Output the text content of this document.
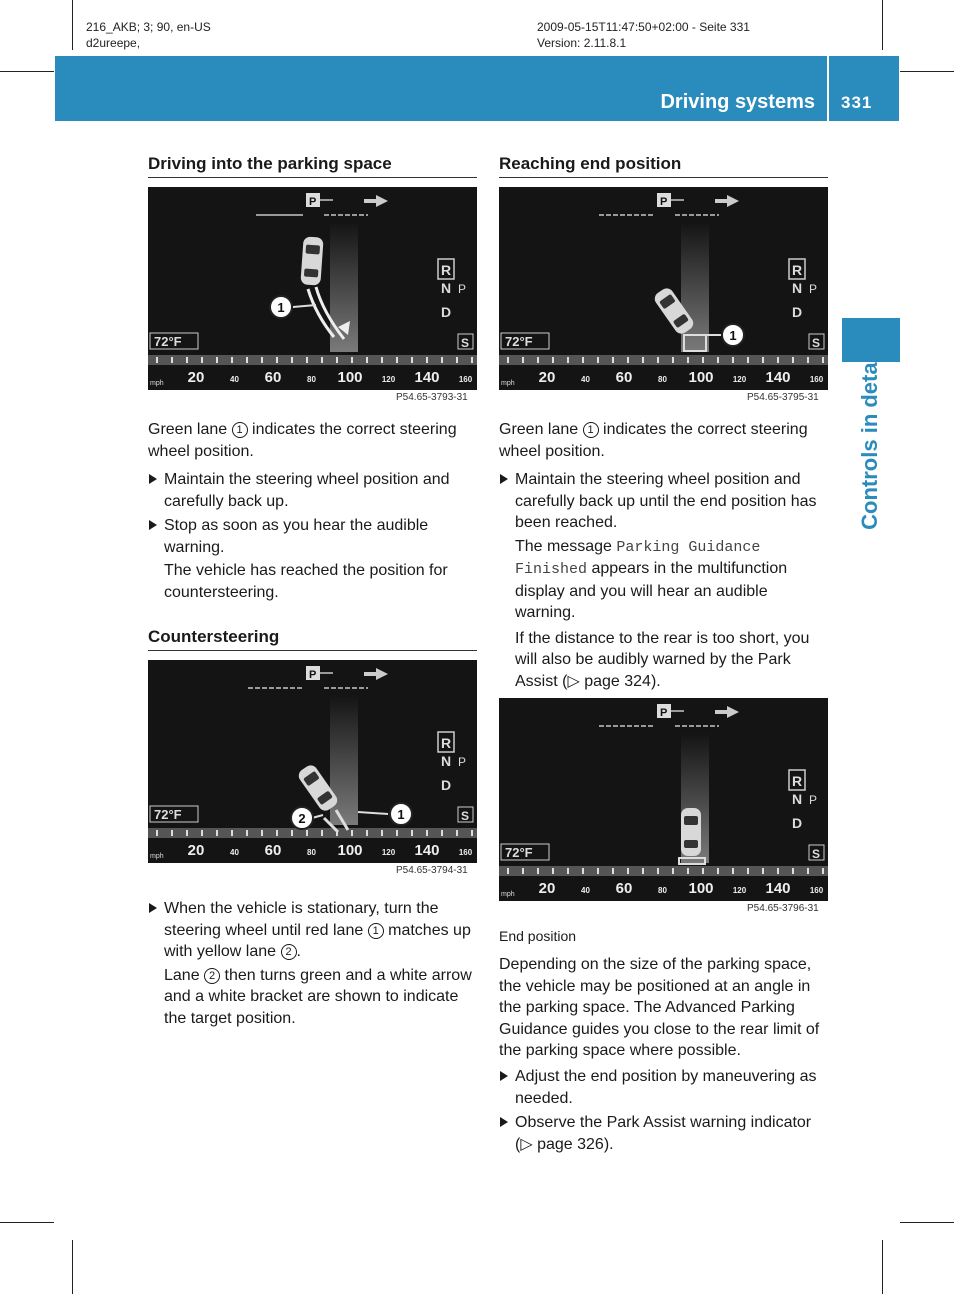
216_AKB; 3; 90, en-US
d2ureepe,
2009-05-15T11:47:50+02:00 - Seite 331
Version: 2.11.8.1
Driving systems 331
Controls in detail
Driving into the parking space
P
R
N P
D
72°F	S
mph 20	40 60	80 100 120 140 160
1
P54.65-3793-31
Green lane 1 indicates the correct steering wheel position.
Maintain the steering wheel position and carefully back up.
Stop as soon as you hear the audible warning.
The vehicle has reached the position for countersteering.
Countersteering
P
R
N P
D
72°F	S
mph 20	40 60	80 100 120 140 160
1
2
P54.65-3794-31
When the vehicle is stationary, turn the steering wheel until red lane 1 matches up with yellow lane 2 .
Lane 2 then turns green and a white arrow and a white bracket are shown to indicate the target position.
Reaching end position
P
R
N P
D
72°F	S
mph 20	40 60	80 100 120 140 160
1
P54.65-3795-31
Green lane 1 indicates the correct steering wheel position.
Maintain the steering wheel position and carefully back up until the end position has been reached.
The message Parking Guidance Finished appears in the multifunction display and you will hear an audible warning.
If the distance to the rear is too short, you will also be audibly warned by the Park Assist (▷ page 324).
P
R
N P
D
72°F	S
mph 20	40 60	80 100 120 140 160
P54.65-3796-31
End position
Depending on the size of the parking space, the vehicle may be positioned at an angle in the parking space. The Advanced Parking Guidance guides you close to the rear limit of the parking space where possible.
Adjust the end position by maneuvering as needed.
Observe the Park Assist warning indicator (▷ page 326).
